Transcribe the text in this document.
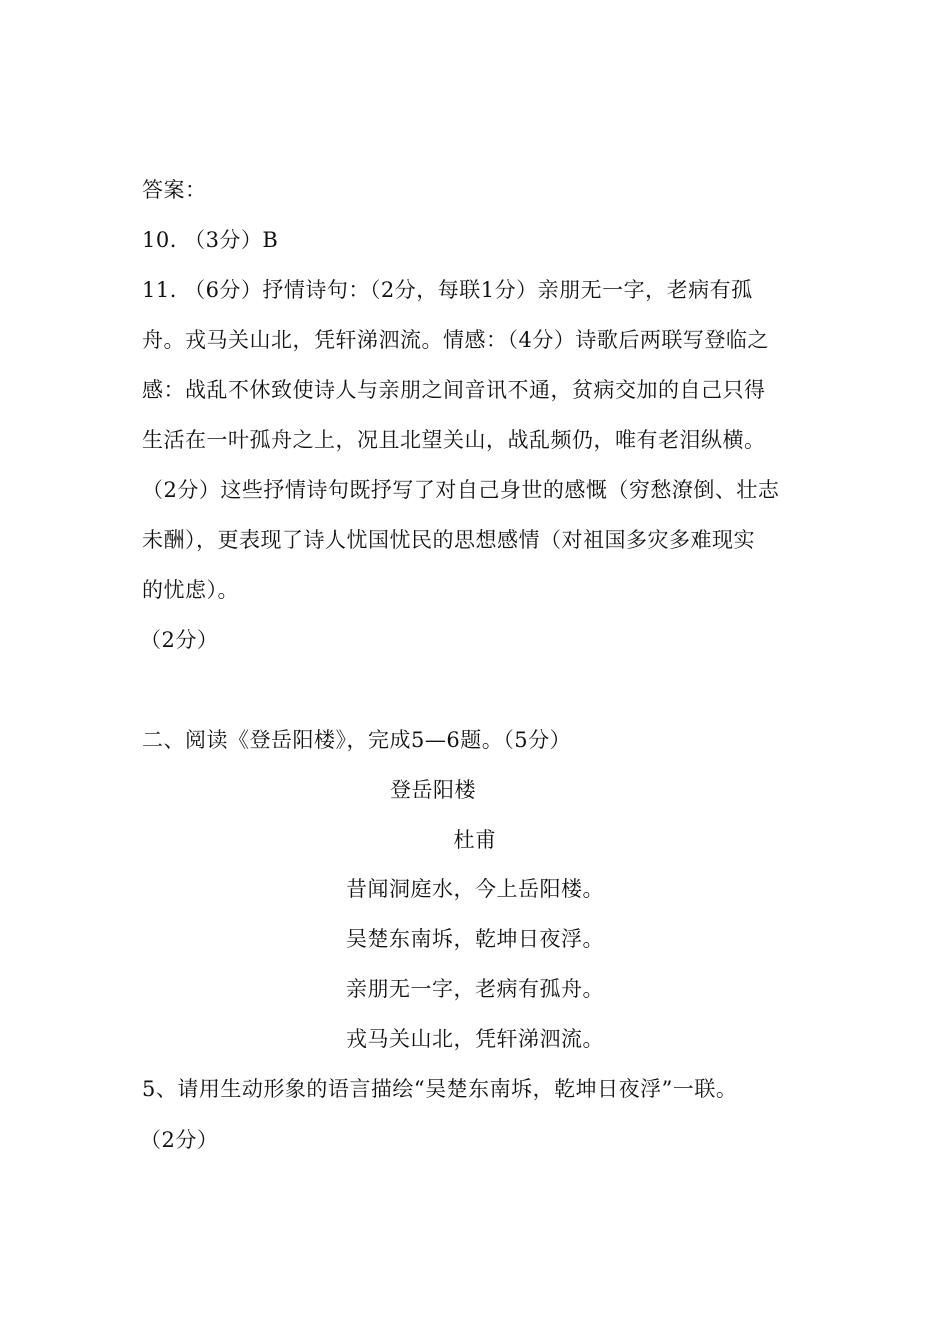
答案：
10. （3分）B
11. （6分）抒情诗句：（2分，每联1分）亲朋无一字，老病有孤
舟。戎马关山北，凭轩涕泗流。情感：（4分）诗歌后两联写登临之
感：战乱不休致使诗人与亲朋之间音讯不通，贫病交加的自己只得
生活在一叶孤舟之上，况且北望关山，战乱频仍，唯有老泪纵横。
（2分）这些抒情诗句既抒写了对自己身世的感慨（穷愁潦倒、壮志
未酬），更表现了诗人忧国忧民的思想感情（对祖国多灾多难现实
的忧虑）。
（2分）
二、阅读《登岳阳楼》，完成5—6题。（5分）
登岳阳楼
杜甫
昔闻洞庭水，今上岳阳楼。
吴楚东南坼，乾坤日夜浮。
亲朋无一字，老病有孤舟。
戎马关山北，凭轩涕泗流。
5、请用生动形象的语言描绘“吴楚东南坼，乾坤日夜浮”一联。
（2分）
